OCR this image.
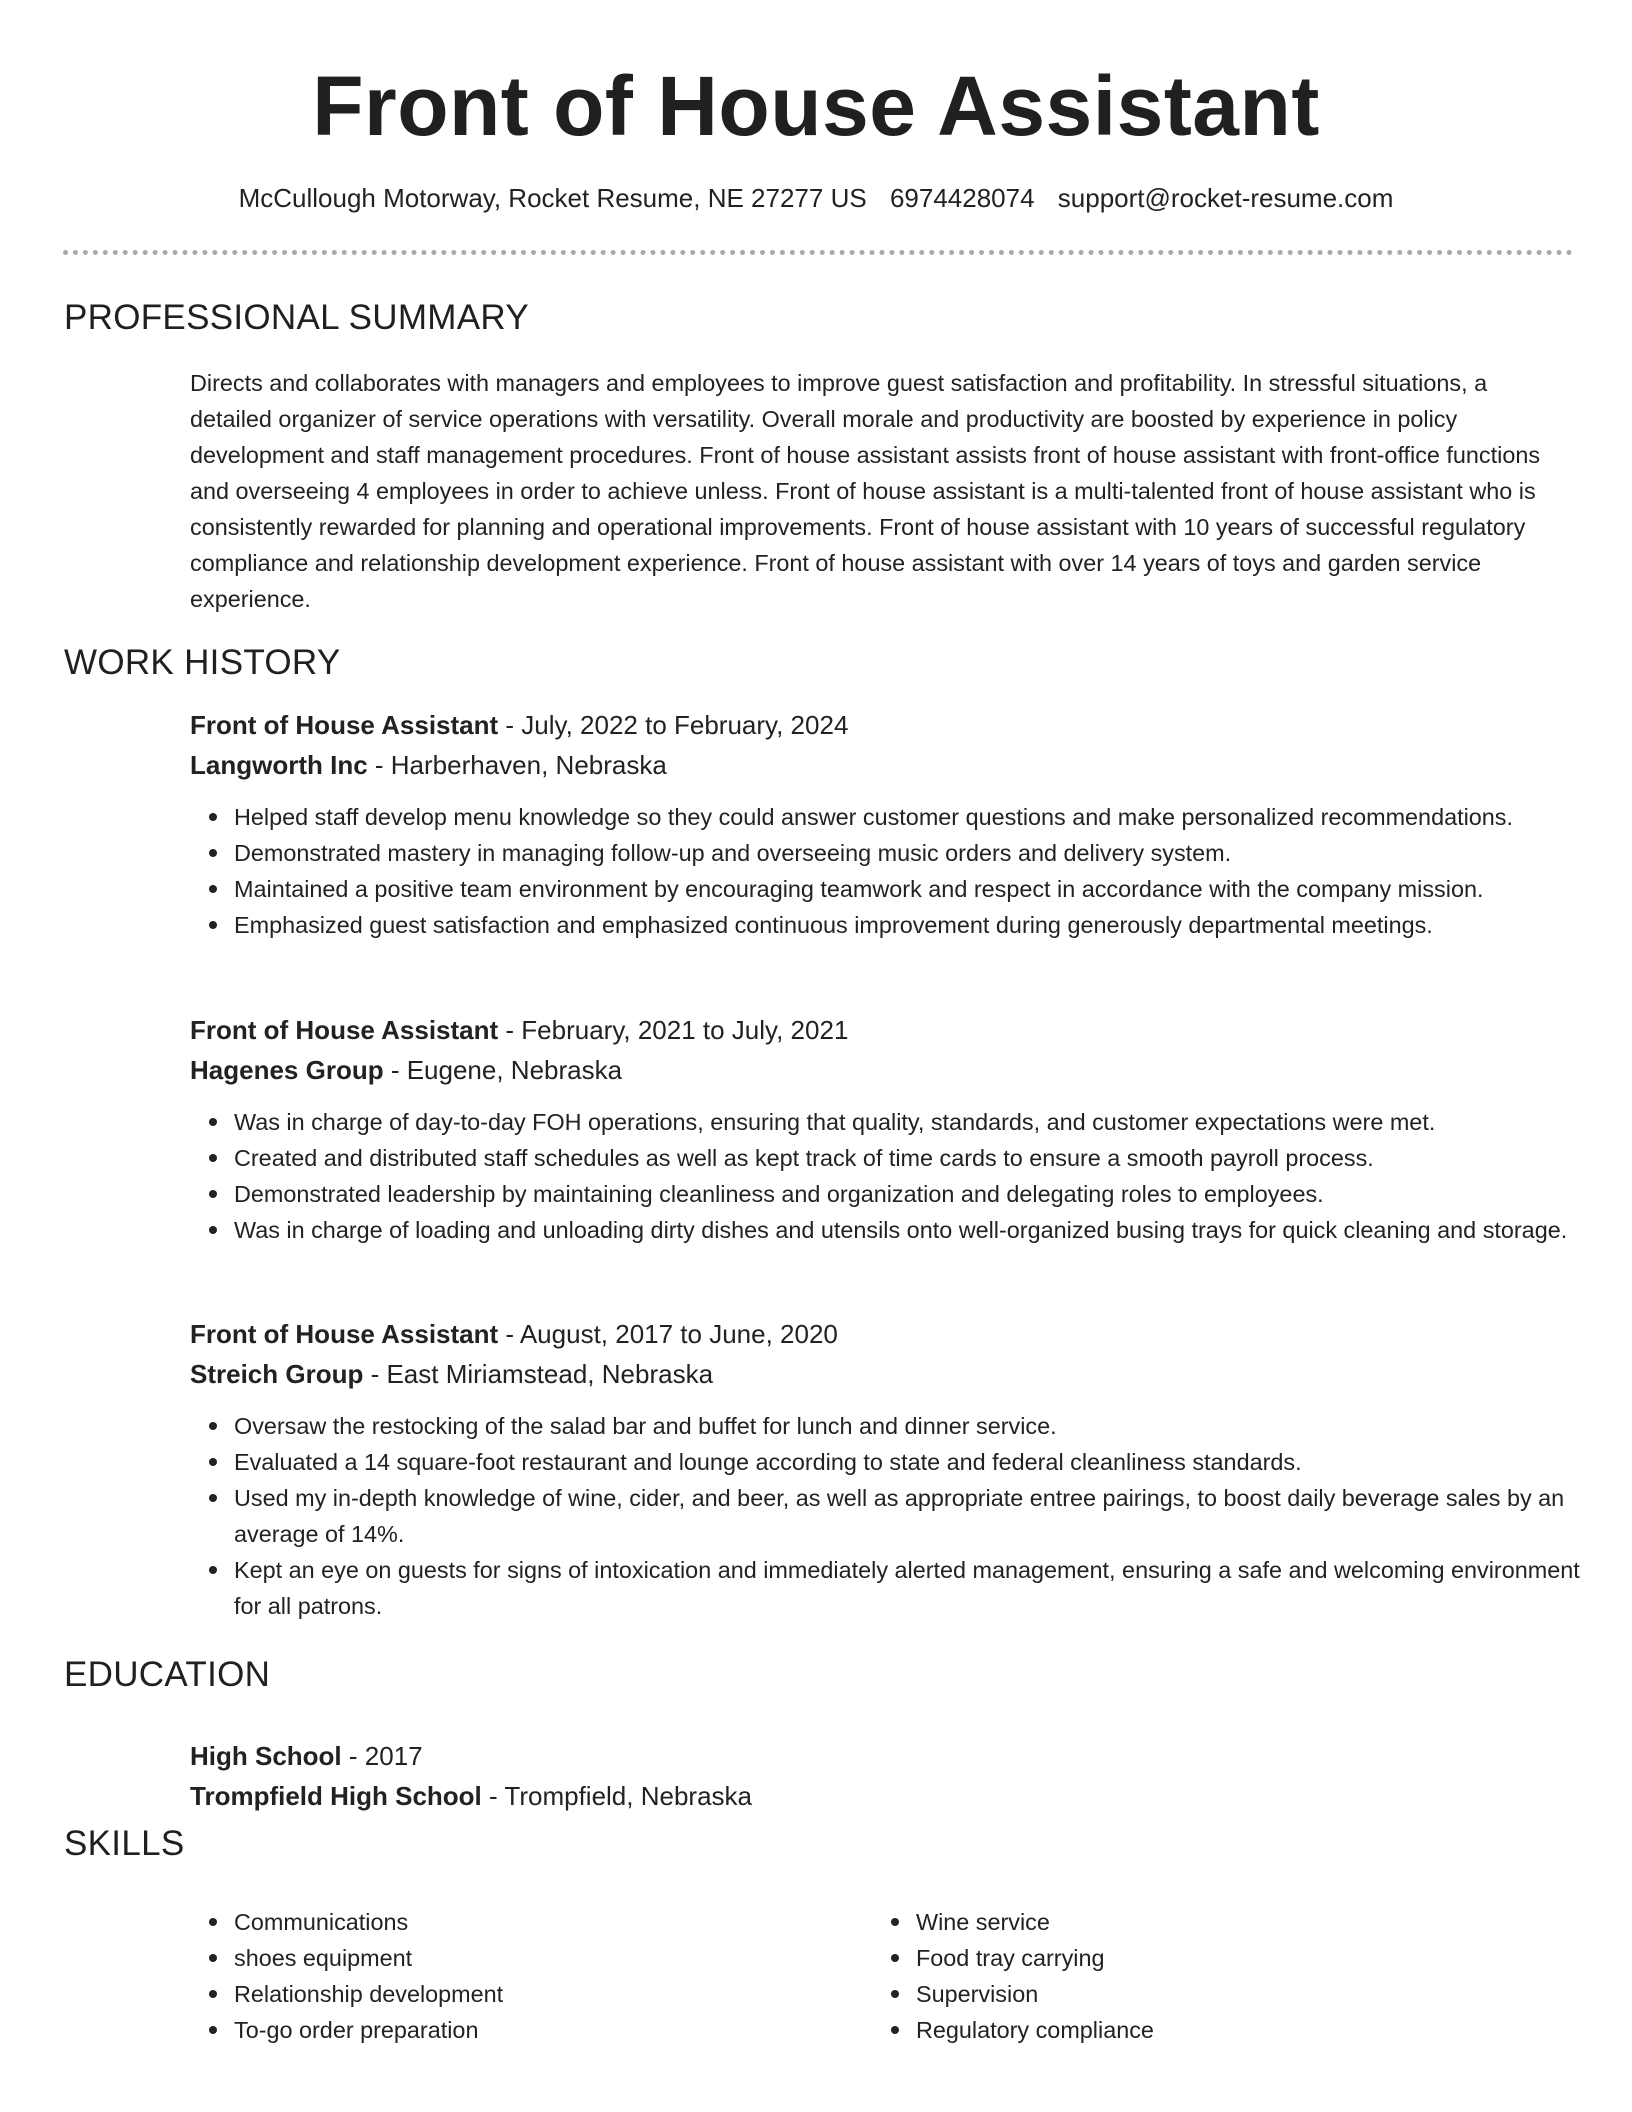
Front of House Assistant
McCullough Motorway, Rocket Resume, NE 27277 US 6974428074 support@rocket-resume.com
PROFESSIONAL SUMMARY

Directs and collaborates with managers and employees to improve guest satisfaction and profitability. In stressful situations, a detailed organizer of service operations with versatility. Overall morale and productivity are boosted by experience in policy development and staff management procedures. Front of house assistant assists front of house assistant with front-office functions and overseeing 4 employees in order to achieve unless. Front of house assistant is a multi-talented front of house assistant who is consistently rewarded for planning and operational improvements. Front of house assistant with 10 years of successful regulatory compliance and relationship development experience. Front of house assistant with over 14 years of toys and garden service experience.

WORK HISTORY
Front of House Assistant - July, 2022 to February, 2024
Langworth Inc - Harberhaven, Nebraska
Helped staff develop menu knowledge so they could answer customer questions and make personalized recommendations.
Demonstrated mastery in managing follow-up and overseeing music orders and delivery system.
Maintained a positive team environment by encouraging teamwork and respect in accordance with the company mission.
Emphasized guest satisfaction and emphasized continuous improvement during generously departmental meetings.
Front of House Assistant - February, 2021 to July, 2021
Hagenes Group - Eugene, Nebraska
Was in charge of day-to-day FOH operations, ensuring that quality, standards, and customer expectations were met.
Created and distributed staff schedules as well as kept track of time cards to ensure a smooth payroll process.
Demonstrated leadership by maintaining cleanliness and organization and delegating roles to employees.
Was in charge of loading and unloading dirty dishes and utensils onto well-organized busing trays for quick cleaning and storage.
Front of House Assistant - August, 2017 to June, 2020
Streich Group - East Miriamstead, Nebraska
Oversaw the restocking of the salad bar and buffet for lunch and dinner service.
Evaluated a 14 square-foot restaurant and lounge according to state and federal cleanliness standards.
Used my in-depth knowledge of wine, cider, and beer, as well as appropriate entree pairings, to boost daily beverage sales by an average of 14%.
Kept an eye on guests for signs of intoxication and immediately alerted management, ensuring a safe and welcoming environment for all patrons.
EDUCATION
High School - 2017
Trompfield High School - Trompfield, Nebraska
SKILLS
Communications
shoes equipment
Relationship development
To-go order preparation
Wine service
Food tray carrying
Supervision
Regulatory compliance
